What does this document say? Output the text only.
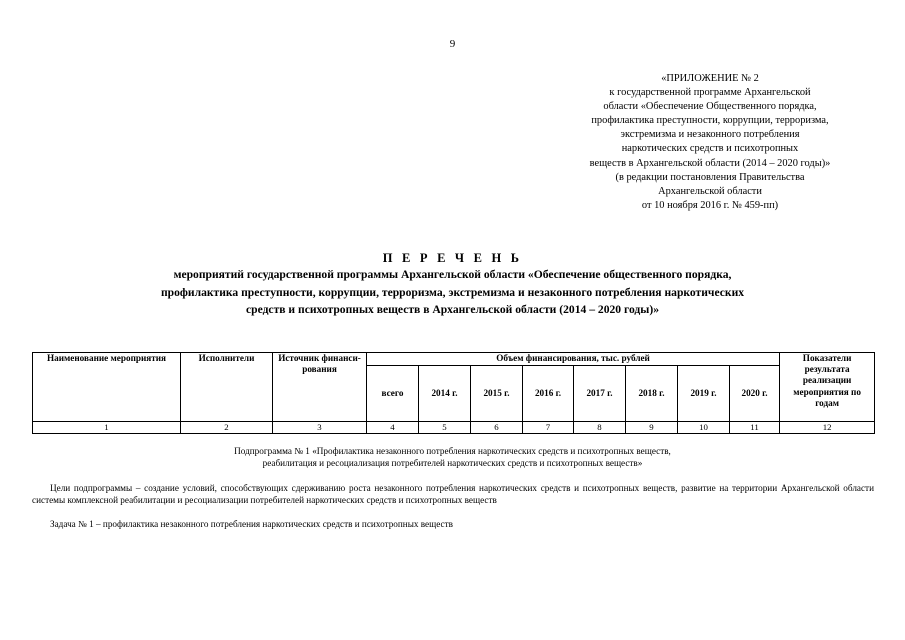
9
«ПРИЛОЖЕНИЕ № 2
к государственной программе Архангельской
области «Обеспечение Общественного порядка,
профилактика преступности, коррупции, терроризма,
экстремизма и незаконного потребления
наркотических средств и психотропных
веществ в Архангельской области (2014 – 2020 годы)»
(в редакции постановления Правительства
Архангельской области
от 10 ноября 2016 г. № 459-пп)
П Е Р Е Ч Е Н Ь
мероприятий государственной программы Архангельской области «Обеспечение общественного порядка,
профилактика преступности, коррупции, терроризма, экстремизма и незаконного потребления наркотических
средств и психотропных веществ в Архангельской области (2014 – 2020 годы)»
Наименование мероприятия	Исполнители	Источник финанси-рования	Объем финансирования, тыс. рублей								Показатели результата реализации мероприятия по годам
			всего	2014 г.	2015 г.	2016 г.	2017 г.	2018 г.	2019 г.	2020 г.	
1	2	3	4	5	6	7	8	9	10	11	12
Подпрограмма № 1 «Профилактика незаконного потребления наркотических средств и психотропных веществ,
реабилитация и ресоциализация потребителей наркотических средств и психотропных веществ»
Цели подпрограммы – создание условий, способствующих сдерживанию роста незаконного потребления наркотических средств и психотропных веществ, развитие на территории Архангельской области системы комплексной реабилитации и ресоциализации потребителей наркотических средств и психотропных веществ
Задача № 1 – профилактика незаконного потребления наркотических средств и психотропных веществ
